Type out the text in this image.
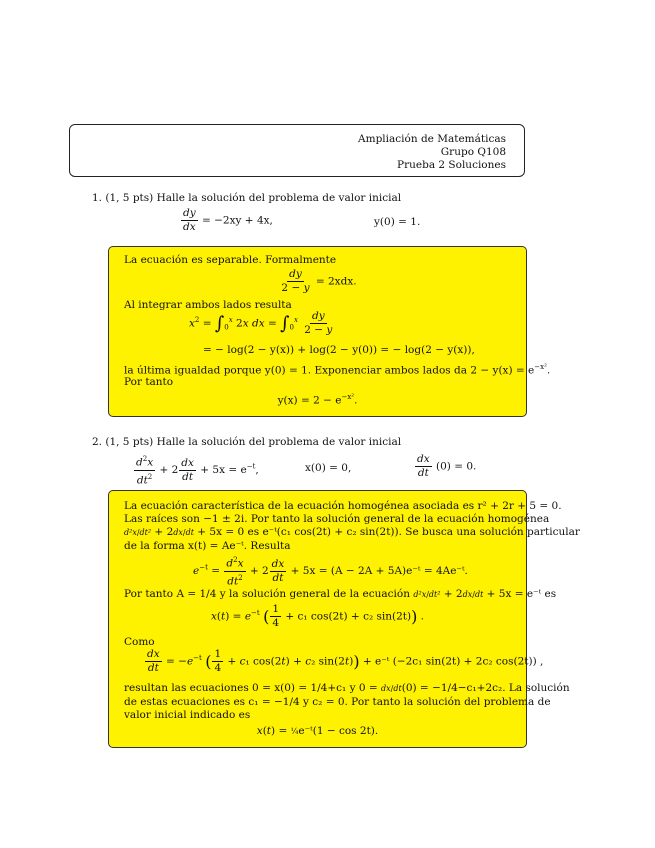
Ampliación de Matemáticas
Grupo Q108
Prueba 2 Soluciones
1. (1, 5 pts) Halle la solución del problema de valor inicial
$\frac{dy}{dx} = -2xy + 4x$,	y(0) = 1.
La ecuación es separable. Formalmente
$\frac{dy}{2 - y} = 2xdx$.
Al integrar ambos lados resulta
$x^2 = \int_0^x$ 2x dx = $\int_0^x \frac{dy}{2 - y}$
= − log(2 − y(x)) + log(2 − y(0)) = − log(2 − y(x)),
la última igualdad porque y(0) = 1. Exponenciar ambos lados da $2 - y(x) = e^{-x^2}$.
Por tanto
$y(x) = 2 - e^{-x^2}$.
2. (1, 5 pts) Halle la solución del problema de valor inicial
$\frac{d^2x}{dt^2} + 2 \frac{dx}{dt} + 5x = e^{-t}$,	x(0) = 0,	$\frac{dx}{dt} (0) = 0$.
La ecuación característica de la ecuación homogénea asociada es r² + 2r + 5 = 0.
Las raíces son −1 ± 2i. Por tanto la solución general de la ecuación homogénea
d²x/dt² + 2dx/dt + 5x = 0 es e⁻ᵗ(c₁ cos(2t) + c₂ sin(2t)). Se busca una solución particular
de la forma x(t) = Ae⁻ᵗ. Resulta
$e^{-t} = \frac{d^2x}{dt^2} + 2 \frac{dx}{dt} + 5x = (A - 2A$ + 5A)e⁻ᵗ = 4Ae⁻ᵗ.
Por tanto A = 1/4 y la solución general de la ecuación d²x/dt² + 2dx/dt + 5x = e⁻ᵗ es
$x(t) = e^{-t}$ ( $\frac{1}{4} + c_1$ cos(2t) + c₂ sin(2t)) .
Como
$\frac{dx}{dt} = -e^{-t}$ ( $\frac{1}{4} + c_1$ cos(2t) + c₂ sin(2t)) + e⁻ᵗ (−2c₁ sin(2t) + 2c₂ cos(2t)) ,
resultan las ecuaciones 0 = x(0) = 1/4+c₁ y 0 = dx/dt(0) = −1/4−c₁+2c₂. La solución
de estas ecuaciones es c₁ = −1/4 y c₂ = 0. Por tanto la solución del problema de
valor inicial indicado es
x(t) = ¼e⁻ᵗ(1 − cos 2t).
